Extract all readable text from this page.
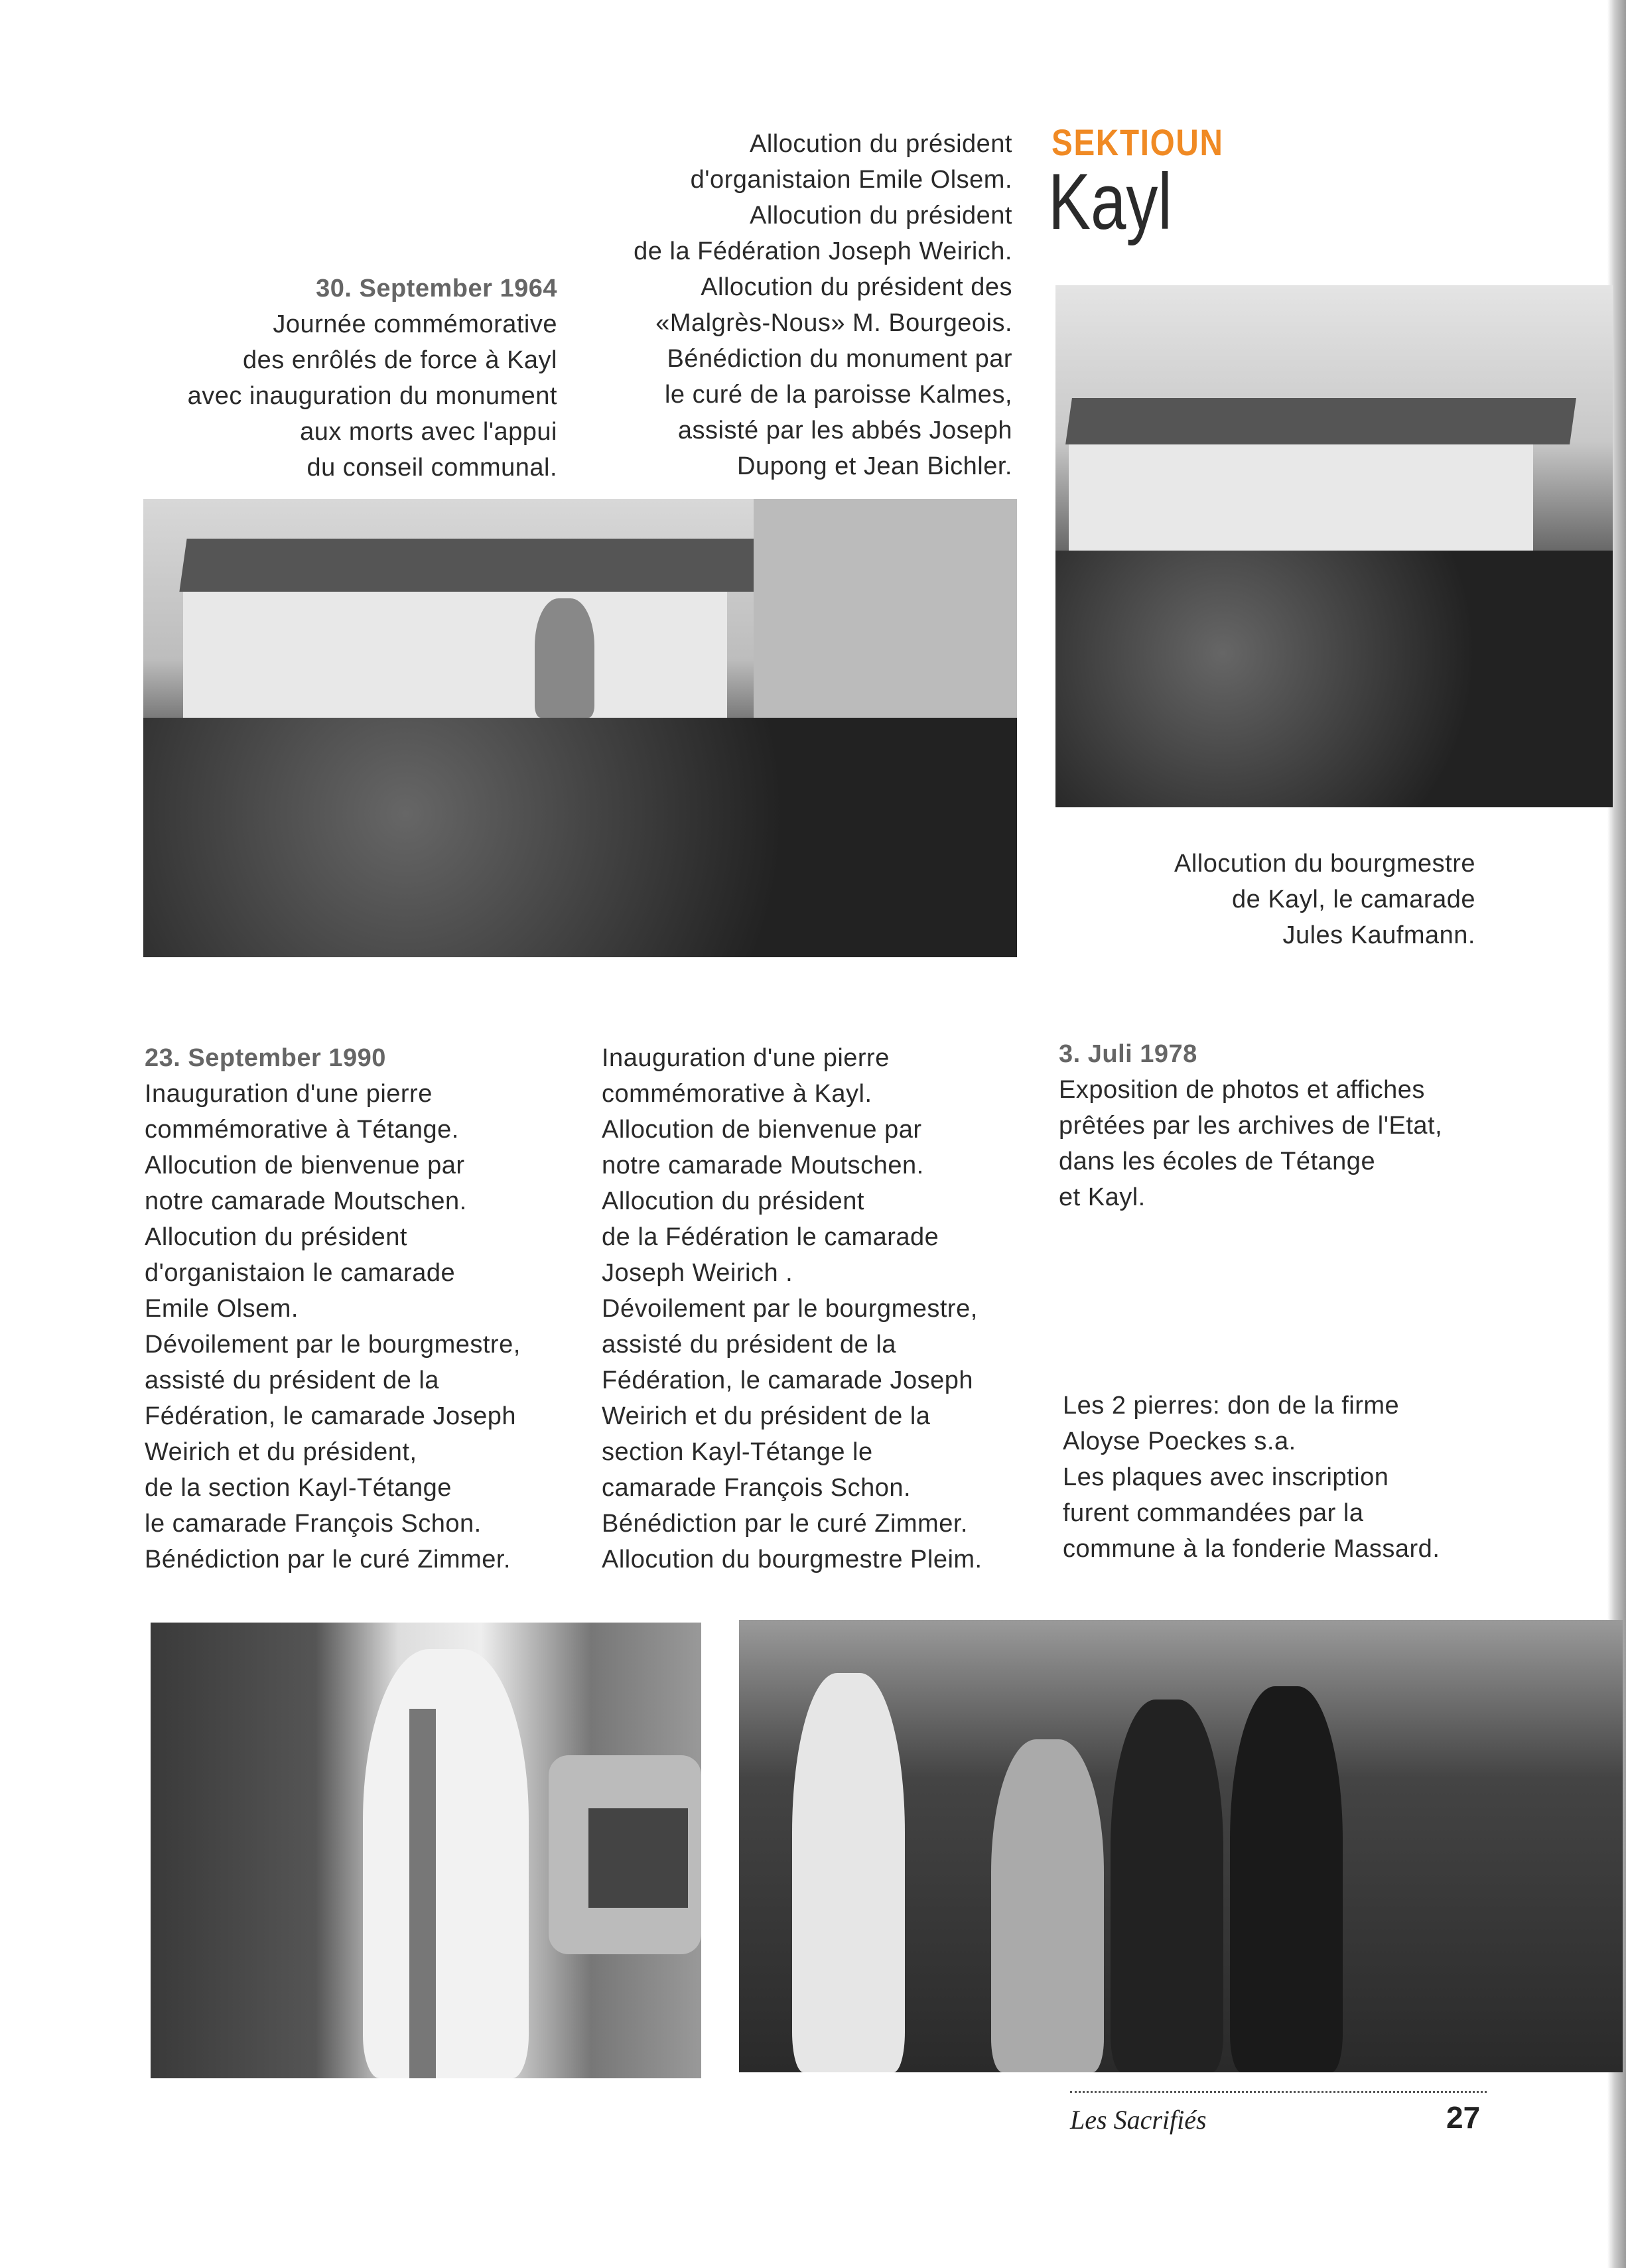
SEKTIOUN
Kayl
30. September 1964
Journée commémorative
des enrôlés de force à Kayl
avec inauguration du monument
aux morts avec l'appui
du conseil communal.
Allocution du président
d'organistaion Emile Olsem.
Allocution du président
de la Fédération Joseph Weirich.
Allocution du président des
«Malgrès-Nous» M. Bourgeois.
Bénédiction du monument par
le curé de la paroisse Kalmes,
assisté par les abbés Joseph
Dupong et Jean Bichler.
Allocution du bourgmestre
de Kayl, le camarade
Jules Kaufmann.
23. September 1990
Inauguration d'une pierre
commémorative à Tétange.
Allocution de bienvenue par
notre camarade Moutschen.
Allocution du président
d'organistaion le camarade
Emile Olsem.
Dévoilement par le bourgmestre,
assisté du président de la
Fédération, le camarade Joseph
Weirich et du président,
de la section Kayl-Tétange
le camarade François Schon.
Bénédiction par le curé Zimmer.
Inauguration d'une pierre
commémorative à Kayl.
Allocution de bienvenue par
notre camarade Moutschen.
Allocution du président
de la Fédération le camarade
Joseph Weirich .
Dévoilement par le bourgmestre,
assisté du président de la
Fédération, le camarade Joseph
Weirich et du président de la
section Kayl-Tétange le
camarade François Schon.
Bénédiction par le curé Zimmer.
Allocution du bourgmestre Pleim.
3. Juli 1978
Exposition de photos et affiches
prêtées par les archives de l'Etat,
dans les écoles de Tétange
et Kayl.
Les 2 pierres: don de la firme
Aloyse Poeckes s.a.
Les plaques avec inscription
furent commandées par la
commune à la fonderie Massard.
Les Sacrifiés	27
